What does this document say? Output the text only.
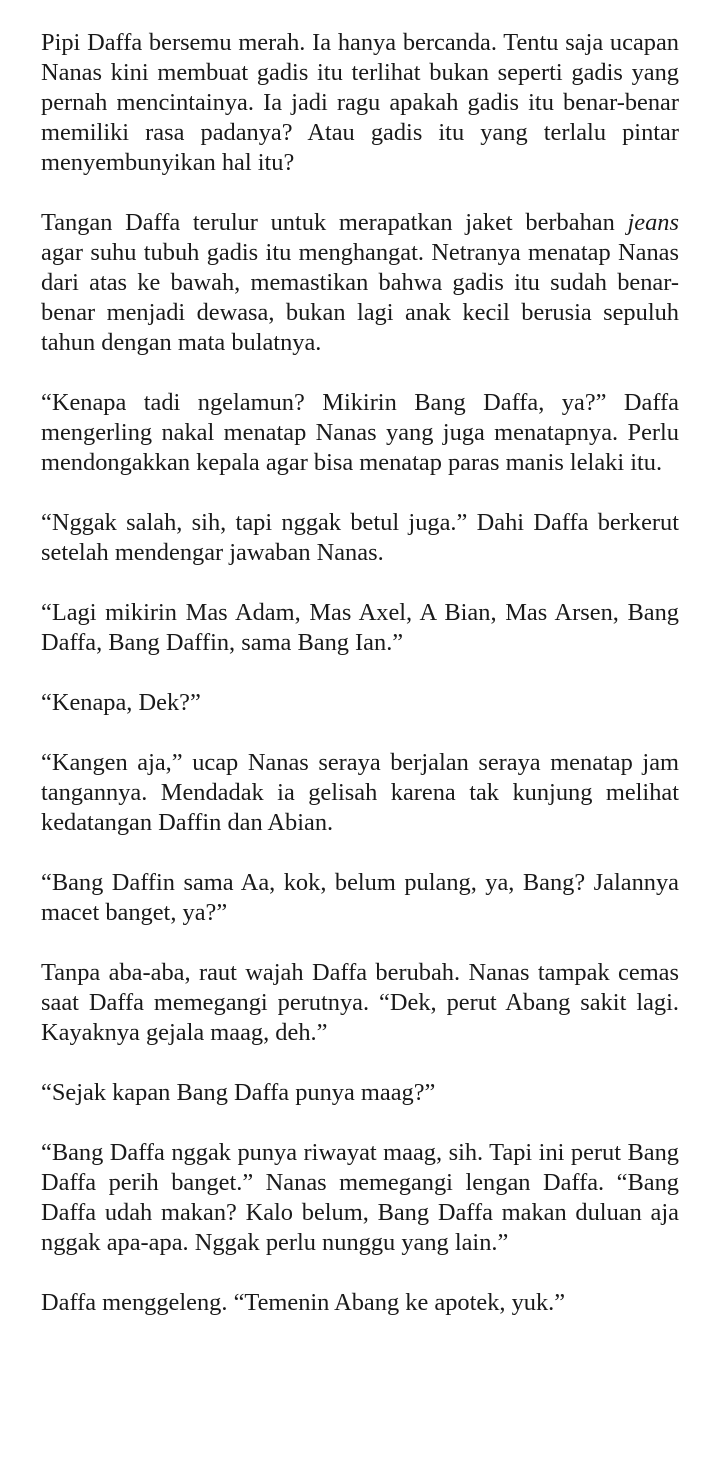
Pipi Daffa bersemu merah. Ia hanya bercanda. Tentu saja ucapan Nanas kini membuat gadis itu terlihat bukan seperti gadis yang pernah mencintainya. Ia jadi ragu apakah gadis itu benar-benar memiliki rasa padanya? Atau gadis itu yang terlalu pintar menyembunyikan hal itu?

Tangan Daffa terulur untuk merapatkan jaket berbahan jeans agar suhu tubuh gadis itu menghangat. Netranya menatap Nanas dari atas ke bawah, memastikan bahwa gadis itu sudah benar-benar menjadi dewasa, bukan lagi anak kecil berusia sepuluh tahun dengan mata bulatnya.

“Kenapa tadi ngelamun? Mikirin Bang Daffa, ya?” Daffa mengerling nakal menatap Nanas yang juga menatapnya. Perlu mendongakkan kepala agar bisa menatap paras manis lelaki itu.

“Nggak salah, sih, tapi nggak betul juga.” Dahi Daffa berkerut setelah mendengar jawaban Nanas.

“Lagi mikirin Mas Adam, Mas Axel, A Bian, Mas Arsen, Bang Daffa, Bang Daffin, sama Bang Ian.”

“Kenapa, Dek?”

“Kangen aja,” ucap Nanas seraya berjalan seraya menatap jam tangannya. Mendadak ia gelisah karena tak kunjung melihat kedatangan Daffin dan Abian.

“Bang Daffin sama Aa, kok, belum pulang, ya, Bang? Jalannya macet banget, ya?”

Tanpa aba-aba, raut wajah Daffa berubah. Nanas tampak cemas saat Daffa memegangi perutnya. “Dek, perut Abang sakit lagi. Kayaknya gejala maag, deh.”

“Sejak kapan Bang Daffa punya maag?”

“Bang Daffa nggak punya riwayat maag, sih. Tapi ini perut Bang Daffa perih banget.” Nanas memegangi lengan Daffa. “Bang Daffa udah makan? Kalo belum, Bang Daffa makan duluan aja nggak apa-apa. Nggak perlu nunggu yang lain.”

Daffa menggeleng. “Temenin Abang ke apotek, yuk.”
